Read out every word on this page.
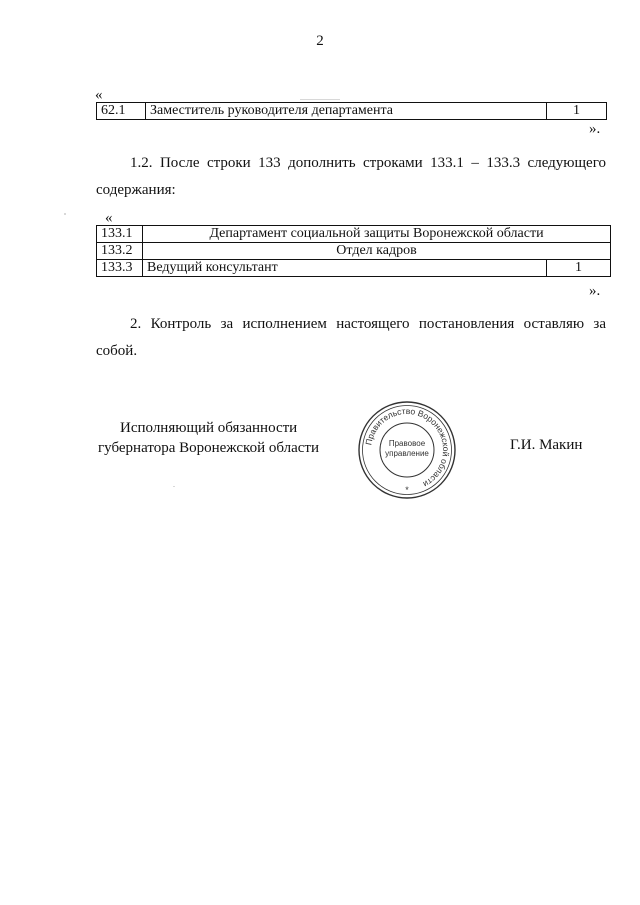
2
«
62.1	Заместитель руководителя департамента	1
».
1.2. После строки 133 дополнить строками 133.1 – 133.3 следующего содержания:
«
133.1	Департамент социальной защиты Воронежской области	
133.2	Отдел кадров	
133.3	Ведущий консультант	1
».
2. Контроль за исполнением настоящего постановления оставляю за собой.
Исполняющий обязанности
губернатора Воронежской области	Г.И. Макин
Правительство Воронежской области
Правовое
управление
*
